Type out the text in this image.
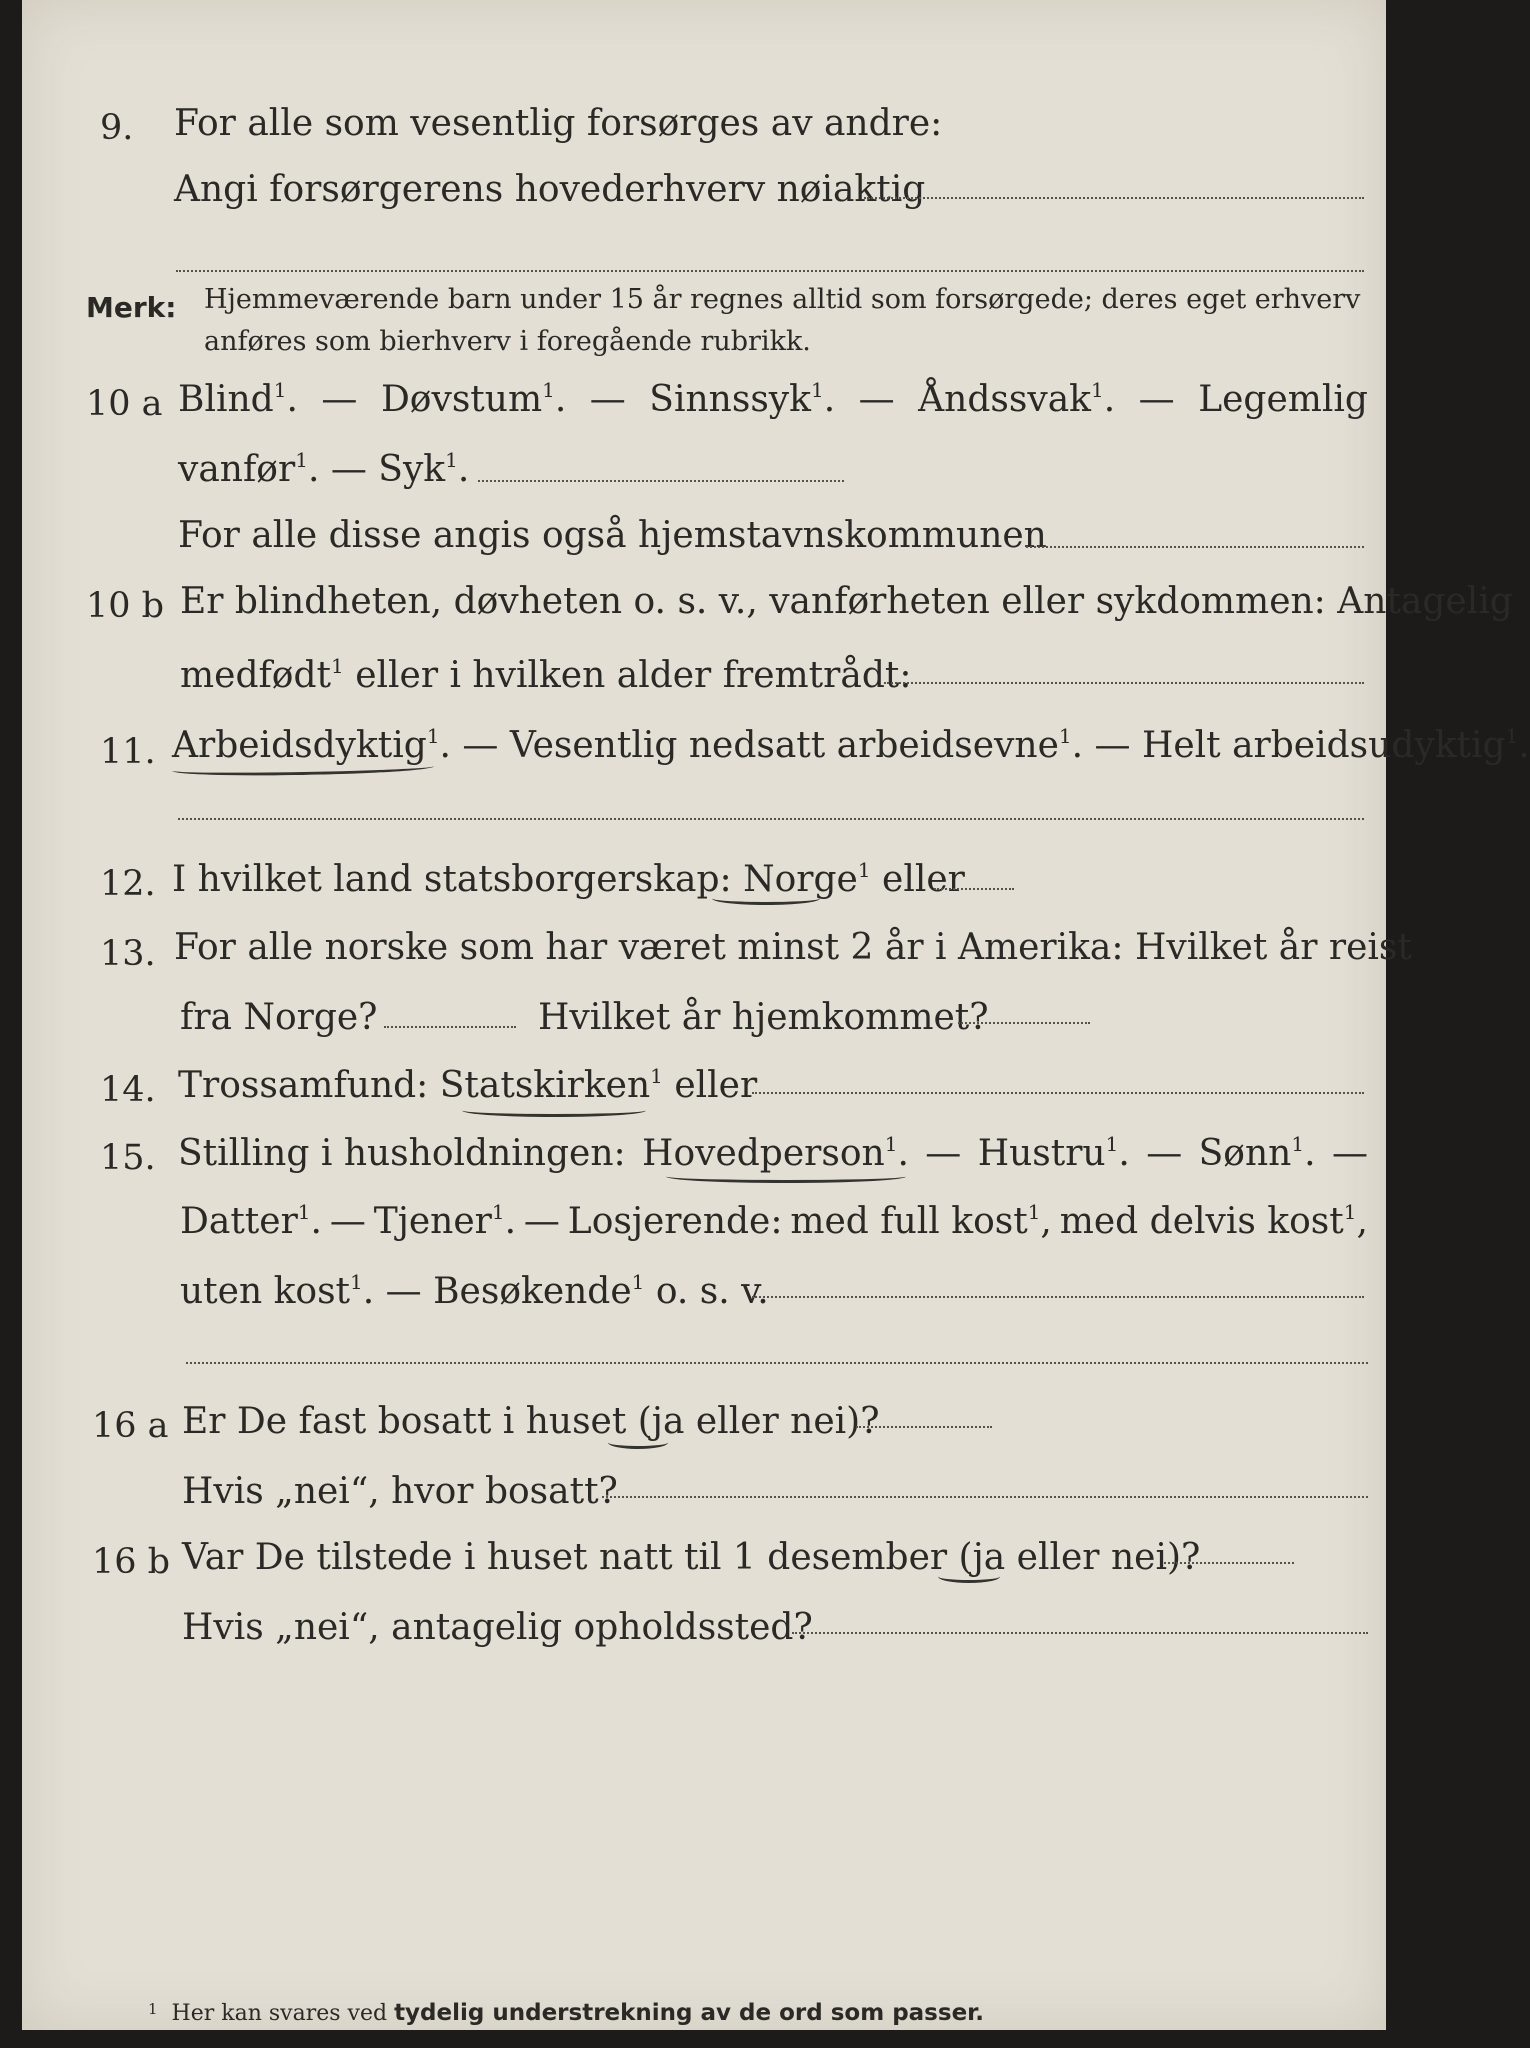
9. For alle som vesentlig forsørges av andre:
Angi forsørgerens hovederhverv nøiaktig
Merk: Hjemmeværende barn under 15 år regnes alltid som forsørgede; deres eget erhverv
anføres som bierhverv i foregående rubrikk.
10 a Blind$^1$. — Døvstum$^1$. — Sinnssyk$^1$. — Åndssvak$^1$. — Legemlig
vanfør$^1$. — Syk$^1$.
For alle disse angis også hjemstavnskommunen
10 b Er blindheten, døvheten o. s. v., vanførheten eller sykdommen: Antagelig
medfødt$^1$ eller i hvilken alder fremtrådt:
11. Arbeidsdyktig$^1$. — Vesentlig nedsatt arbeidsevne$^1$. — Helt arbeidsudyktig$^1$.
12. I hvilket land statsborgerskap: Norge$^1$ eller
13. For alle norske som har været minst 2 år i Amerika: Hvilket år reist
fra Norge?	Hvilket år hjemkommet?
14. Trossamfund: Statskirken$^1$ eller
15. Stilling i husholdningen: Hovedperson$^1$. — Hustru$^1$. — Sønn$^1$. —
Datter$^1$. — Tjener$^1$. — Losjerende: med full kost$^1$, med delvis kost$^1$,
uten kost$^1$. — Besøkende$^1$ o. s. v.
16 a Er De fast bosatt i huset (ja eller nei)?
Hvis „nei“, hvor bosatt?
16 b Var De tilstede i huset natt til 1 desember (ja eller nei)?
Hvis „nei“, antagelig opholdssted?
$^1$ Her kan svares ved tydelig understrekning av de ord som passer.
